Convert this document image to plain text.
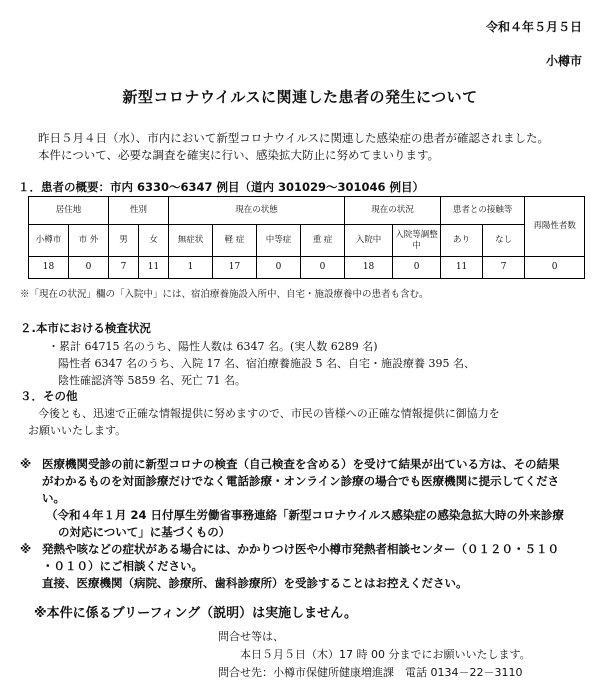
令和４年５月５日
小樽市
新型コロナウイルスに関連した患者の発生について
昨日５月４日（水）、市内において新型コロナウイルスに関連した感染症の患者が確認されました。
本件について、必要な調査を確実に行い、感染拡大防止に努めてまいります。
１．患者の概要：市内 6330～6347 例目（道内 301029～301046 例目）
居住地		性別		現在の状態				現在の状況		患者との接触等		再陽性者数
小樽市	市 外	男	女	無症状	軽 症	中等症	重 症	入院中	入院等調整中	あり	なし	
18	0	7	11	1	17	0	0	18	0	11	7	0
※「現在の状況」欄の「入院中」には、宿泊療養施設入所中、自宅・施設療養中の患者も含む。
２.本市における検査状況
・累計 64715 名のうち、陽性人数は 6347 名。(実人数 6289 名)
陽性者 6347 名のうち、入院 17 名、宿泊療養施設 5 名、自宅・施設療養 395 名、
陰性確認済等 5859 名、死亡 71 名。
３．その他
今後とも、迅速で正確な情報提供に努めますので、市民の皆様への正確な情報提供に御協力を
お願いいたします。
※ 医療機関受診の前に新型コロナの検査（自己検査を含める）を受けて結果が出ている方は、その結果
がわかるものを対面診療だけでなく電話診療・オンライン診療の場合でも医療機関に提示してくださ
い。
（令和４年１月 24 日付厚生労働省事務連絡「新型コロナウイルス感染症の感染急拡大時の外来診療
の対応について」に基づくもの）
※ 発熱や咳などの症状がある場合には、かかりつけ医や小樽市発熱者相談センター（０１２０・５１０
・０１０）にご相談ください。
直接、医療機関（病院、診療所、歯科診療所）を受診することはお控えください。
※本件に係るブリーフィング（説明）は実施しません。
問合せ等は、
本日５月５日（木）17 時 00 分までにお願いいたします。
問合せ先：小樽市保健所健康増進課　電話 0134－22－3110
